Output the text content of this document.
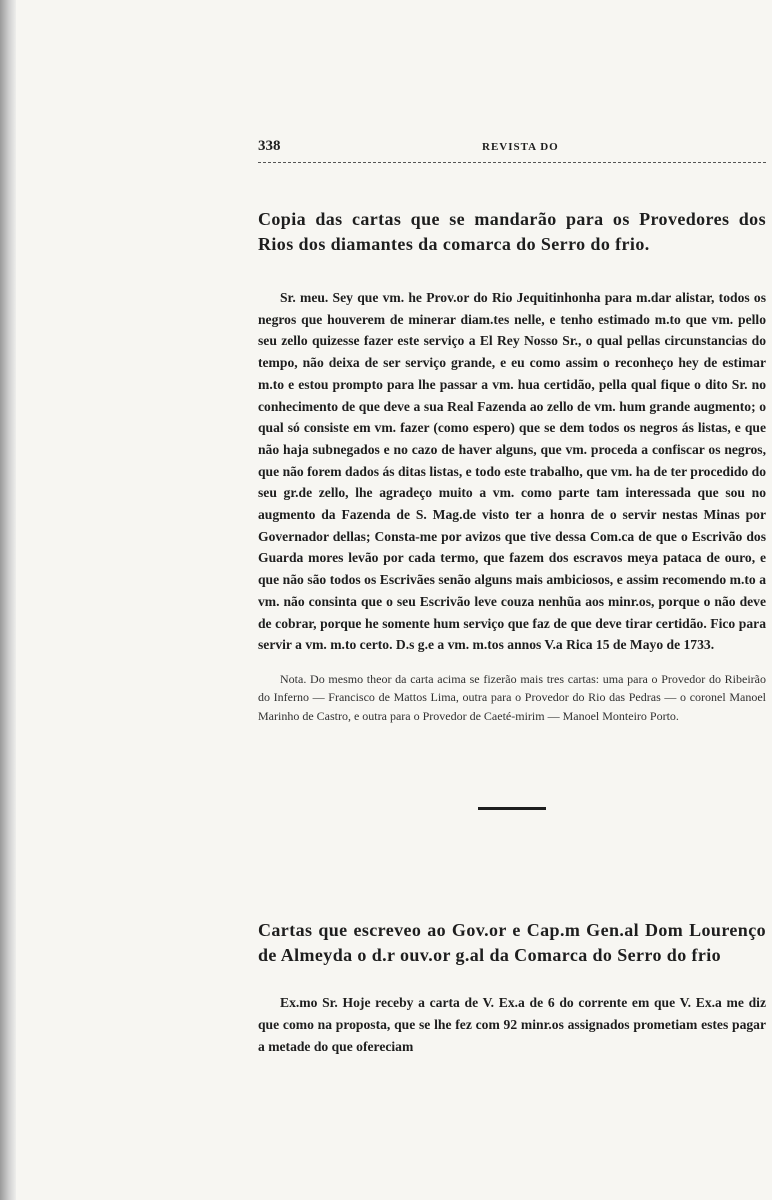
338	REVISTA DO
Copia das cartas que se mandarão para os Provedores dos Rios dos diamantes da comarca do Serro do frio.

Sr. meu. Sey que vm. he Prov.or do Rio Jequitinhonha para m.dar alistar, todos os negros que houverem de minerar diam.tes nelle, e tenho estimado m.to que vm. pello seu zello quizesse fazer este serviço a El Rey Nosso Sr., o qual pellas circunstancias do tempo, não deixa de ser serviço grande, e eu como assim o reconheço hey de estimar m.to e estou prompto para lhe passar a vm. hua certidão, pella qual fique o dito Sr. no conhecimento de que deve a sua Real Fazenda ao zello de vm. hum grande augmento; o qual só consiste em vm. fazer (como espero) que se dem todos os negros ás listas, e que não haja subnegados e no cazo de haver alguns, que vm. proceda a confiscar os negros, que não forem dados ás ditas listas, e todo este trabalho, que vm. ha de ter procedido do seu gr.de zello, lhe agradeço muito a vm. como parte tam interessada que sou no augmento da Fazenda de S. Mag.de visto ter a honra de o servir nestas Minas por Governador dellas; Consta-me por avizos que tive dessa Com.ca de que o Escrivão dos Guarda mores levão por cada termo, que fazem dos escravos meya pataca de ouro, e que não são todos os Escrivães senão alguns mais ambiciosos, e assim recomendo m.to a vm. não consinta que o seu Escrivão leve couza nenhũa aos minr.os, porque o não deve de cobrar, porque he somente hum serviço que faz de que deve tirar certidão. Fico para servir a vm. m.to certo. D.s g.e a vm. m.tos annos V.a Rica 15 de Mayo de 1733.

Nota. Do mesmo theor da carta acima se fizerão mais tres cartas: uma para o Provedor do Ribeirão do Inferno — Francisco de Mattos Lima, outra para o Provedor do Rio das Pedras — o coronel Manoel Marinho de Castro, e outra para o Provedor de Caeté-mirim — Manoel Monteiro Porto.

Cartas que escreveo ao Gov.or e Cap.m Gen.al Dom Lourenço de Almeyda o d.r ouv.or g.al da Comarca do Serro do frio

Ex.mo Sr. Hoje receby a carta de V. Ex.a de 6 do corrente em que V. Ex.a me diz que como na proposta, que se lhe fez com 92 minr.os assignados prometiam estes pagar a metade do que ofereciam
